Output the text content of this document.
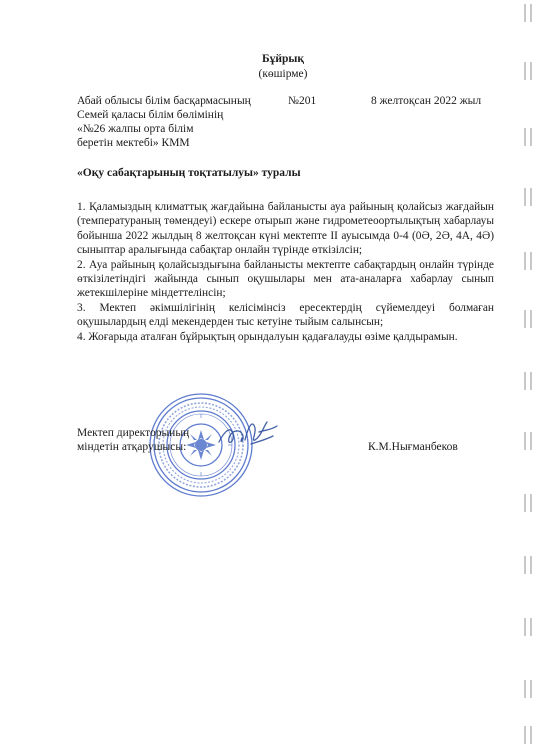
Бұйрық
(көшірме)
Абай облысы білім басқармасының
Семей қаласы білім бөлімінің
«№26 жалпы орта білім
беретін мектебі» КММ
№201	8 желтоқсан 2022 жыл
«Оқу сабақтарының тоқтатылуы» туралы

1. Қаламыздың климаттық жағдайына байланысты ауа райының қолайсыз жағдайын (температураның төмендеуі) ескере отырып және гидрометеоортылықтың хабарлауы бойынша 2022 жылдың 8 желтоқсан күні мектепте ІІ ауысымда 0-4 (0Ә, 2Ә, 4А, 4Ә) сыныптар аралығында сабақтар онлайн түрінде өткізілсін;

2. Ауа райының қолайсыздығына байланысты мектепте сабақтардың онлайн түрінде өткізілетіндігі жайында сынып оқушылары мен ата-аналарға хабарлау сынып жетекшілеріне міндеттелінсін;

3. Мектеп әкімшілігінің келісімінсіз ересектердің сүйемелдеуі болмаған оқушылардың елді мекендерден тыс кетуіне тыйым салынсын;

4. Жоғарыда аталған бұйрықтың орындалуын қадағалауды өзіме қалдырамын.

Мектеп директорының
міндетін атқарушысы:	К.М.Нығманбеков
